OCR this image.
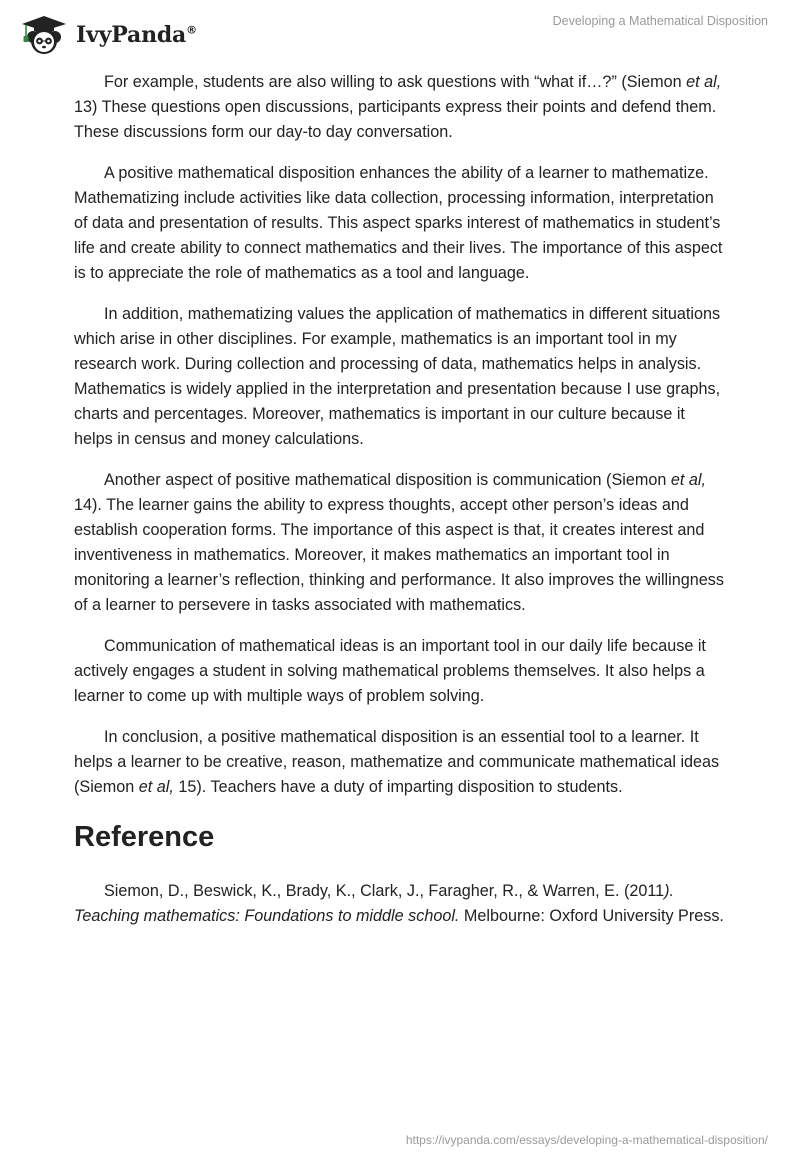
IvyPanda®
Developing a Mathematical Disposition

For example, students are also willing to ask questions with “what if…?” (Siemon et al, 13) These questions open discussions, participants express their points and defend them. These discussions form our day-to day conversation.

A positive mathematical disposition enhances the ability of a learner to mathematize. Mathematizing include activities like data collection, processing information, interpretation of data and presentation of results. This aspect sparks interest of mathematics in student’s life and create ability to connect mathematics and their lives. The importance of this aspect is to appreciate the role of mathematics as a tool and language.

In addition, mathematizing values the application of mathematics in different situations which arise in other disciplines. For example, mathematics is an important tool in my research work. During collection and processing of data, mathematics helps in analysis. Mathematics is widely applied in the interpretation and presentation because I use graphs, charts and percentages. Moreover, mathematics is important in our culture because it helps in census and money calculations.

Another aspect of positive mathematical disposition is communication (Siemon et al, 14). The learner gains the ability to express thoughts, accept other person’s ideas and establish cooperation forms. The importance of this aspect is that, it creates interest and inventiveness in mathematics. Moreover, it makes mathematics an important tool in monitoring a learner’s reflection, thinking and performance. It also improves the willingness of a learner to persevere in tasks associated with mathematics.

Communication of mathematical ideas is an important tool in our daily life because it actively engages a student in solving mathematical problems themselves. It also helps a learner to come up with multiple ways of problem solving.

In conclusion, a positive mathematical disposition is an essential tool to a learner. It helps a learner to be creative, reason, mathematize and communicate mathematical ideas (Siemon et al, 15). Teachers have a duty of imparting disposition to students.

Reference

Siemon, D., Beswick, K., Brady, K., Clark, J., Faragher, R., & Warren, E. (2011). Teaching mathematics: Foundations to middle school. Melbourne: Oxford University Press.

https://ivypanda.com/essays/developing-a-mathematical-disposition/
